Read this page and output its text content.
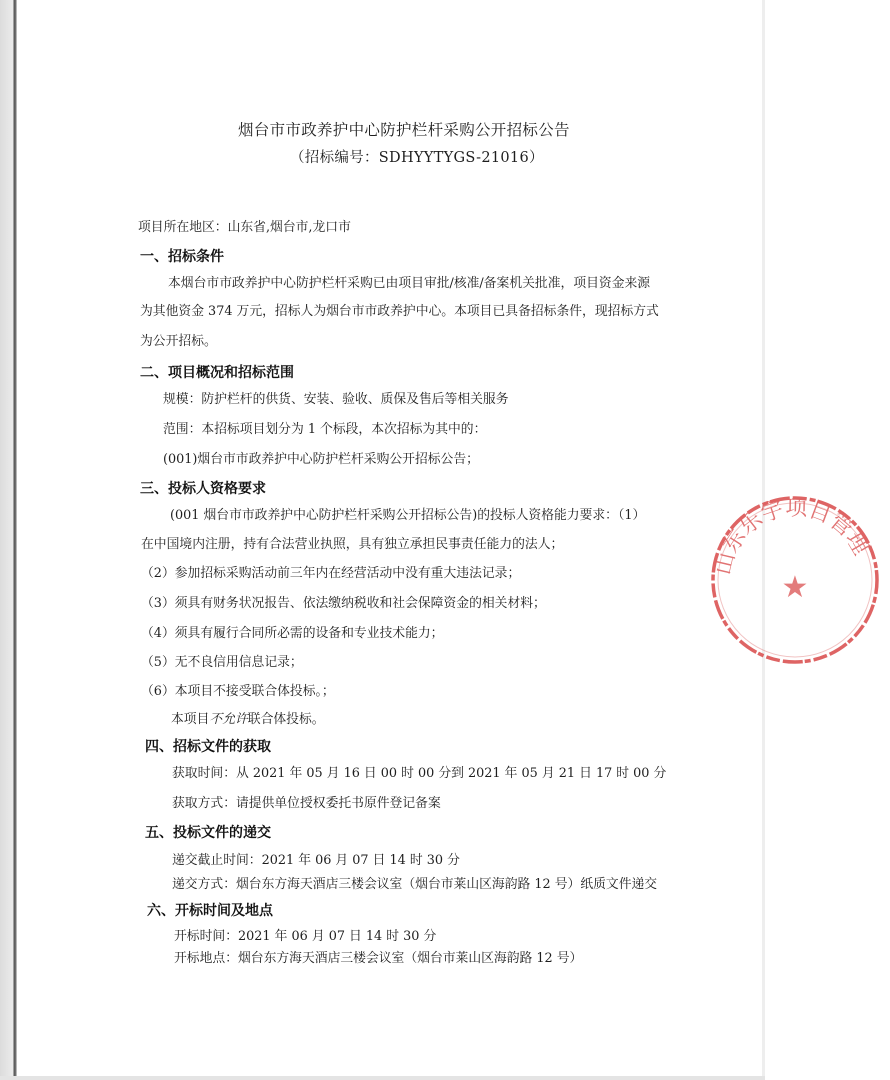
烟台市市政养护中心防护栏杆采购公开招标公告

（招标编号：SDHYYTYGS-21016）

项目所在地区：山东省,烟台市,龙口市

一、招标条件

本烟台市市政养护中心防护栏杆采购已由项目审批/核准/备案机关批准，项目资金来源

为其他资金 374 万元，招标人为烟台市市政养护中心。本项目已具备招标条件，现招标方式

为公开招标。

二、项目概况和招标范围

规模：防护栏杆的供货、安装、验收、质保及售后等相关服务

范围：本招标项目划分为 1 个标段，本次招标为其中的：

(001)烟台市市政养护中心防护栏杆采购公开招标公告；

三、投标人资格要求

(001 烟台市市政养护中心防护栏杆采购公开招标公告)的投标人资格能力要求：（1）

在中国境内注册，持有合法营业执照，具有独立承担民事责任能力的法人；

（2）参加招标采购活动前三年内在经营活动中没有重大违法记录；

（3）须具有财务状况报告、依法缴纳税收和社会保障资金的相关材料；

（4）须具有履行合同所必需的设备和专业技术能力；

（5）无不良信用信息记录；

（6）本项目不接受联合体投标。；

本项目不允许联合体投标。

四、招标文件的获取

获取时间：从 2021 年 05 月 16 日 00 时 00 分到 2021 年 05 月 21 日 17 时 00 分

获取方式：请提供单位授权委托书原件登记备案

五、投标文件的递交

递交截止时间：2021 年 06 月 07 日 14 时 30 分

递交方式：烟台东方海天酒店三楼会议室（烟台市莱山区海韵路 12 号）纸质文件递交

六、开标时间及地点

开标时间：2021 年 06 月 07 日 14 时 30 分

开标地点：烟台东方海天酒店三楼会议室（烟台市莱山区海韵路 12 号）

山东乐宇项目管理
★
